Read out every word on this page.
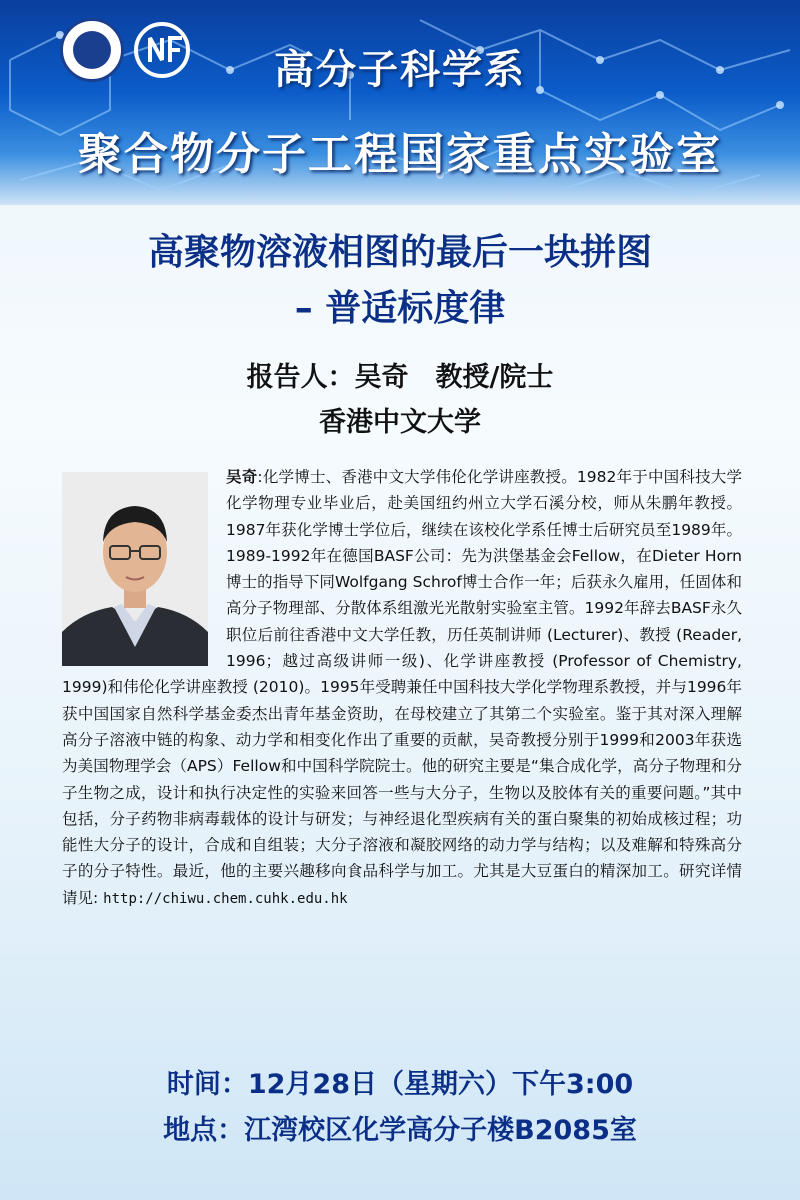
高分子科学系
聚合物分子工程国家重点实验室
高聚物溶液相图的最后一块拼图
– 普适标度律
报告人：吴奇　教授/院士
香港中文大学
吴奇:化学博士、香港中文大学伟伦化学讲座教授。1982年于中国科技大学化学物理专业毕业后，赴美国纽约州立大学石溪分校，师从朱鹏年教授。1987年获化学博士学位后，继续在该校化学系任博士后研究员至1989年。1989-1992年在德国BASF公司：先为洪堡基金会Fellow，在Dieter Horn博士的指导下同Wolfgang Schrof博士合作一年；后获永久雇用，任固体和高分子物理部、分散体系组激光光散射实验室主管。1992年辞去BASF永久职位后前往香港中文大学任教，历任英制讲师 (Lecturer)、教授 (Reader, 1996；越过高级讲师一级)、化学讲座教授 (Professor of Chemistry, 1999)和伟伦化学讲座教授 (2010)。1995年受聘兼任中国科技大学化学物理系教授，并与1996年获中国国家自然科学基金委杰出青年基金资助，在母校建立了其第二个实验室。鉴于其对深入理解高分子溶液中链的构象、动力学和相变化作出了重要的贡献，吴奇教授分别于1999和2003年获选为美国物理学会（APS）Fellow和中国科学院院士。他的研究主要是“集合成化学，高分子物理和分子生物之成，设计和执行决定性的实验来回答一些与大分子，生物以及胶体有关的重要问题。”其中包括，分子药物非病毒载体的设计与研发；与神经退化型疾病有关的蛋白聚集的初始成核过程；功能性大分子的设计，合成和自组装；大分子溶液和凝胶网络的动力学与结构；以及难解和特殊高分子的分子特性。最近，他的主要兴趣移向食品科学与加工。尤其是大豆蛋白的精深加工。研究详情请见: http://chiwu.chem.cuhk.edu.hk
时间：12月28日（星期六）下午3:00
地点：江湾校区化学高分子楼B2085室
